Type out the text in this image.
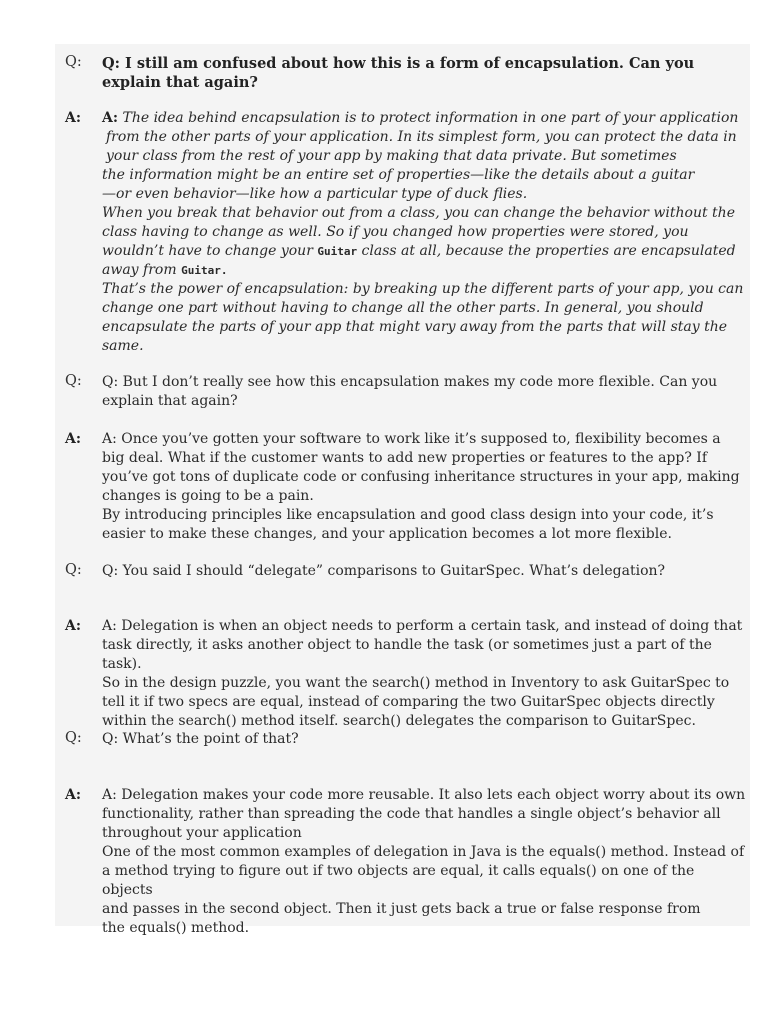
Q: Q: I still am confused about how this is a form of encapsulation. Can you explain that again?
A: A: The idea behind encapsulation is to protect information in one part of your application

from the other parts of your application. In its simplest form, you can protect the data in

your class from the rest of your app by making that data private. But sometimes

the information might be an entire set of properties—like the details about a guitar

—or even behavior—like how a particular type of duck flies.

When you break that behavior out from a class, you can change the behavior without the

class having to change as well. So if you changed how properties were stored, you

wouldn’t have to change your Guitar class at all, because the properties are encapsulated

away from Guitar.

That’s the power of encapsulation: by breaking up the different parts of your app, you can

change one part without having to change all the other parts. In general, you should

encapsulate the parts of your app that might vary away from the parts that will stay the

same.

Q: Q: But I don’t really see how this encapsulation makes my code more flexible. Can you

explain that again?

A: A: Once you’ve gotten your software to work like it’s supposed to, flexibility becomes a

big deal. What if the customer wants to add new properties or features to the app? If

you’ve got tons of duplicate code or confusing inheritance structures in your app, making

changes is going to be a pain.

By introducing principles like encapsulation and good class design into your code, it’s

easier to make these changes, and your application becomes a lot more flexible.

Q: Q: You said I should “delegate” comparisons to GuitarSpec. What’s delegation?
A: A: Delegation is when an object needs to perform a certain task, and instead of doing that

task directly, it asks another object to handle the task (or sometimes just a part of the task).

So in the design puzzle, you want the search() method in Inventory to ask GuitarSpec to

tell it if two specs are equal, instead of comparing the two GuitarSpec objects directly

within the search() method itself. search() delegates the comparison to GuitarSpec.

Q: Q: What’s the point of that?
A: A: Delegation makes your code more reusable. It also lets each object worry about its own

functionality, rather than spreading the code that handles a single object’s behavior all

throughout your application

One of the most common examples of delegation in Java is the equals() method. Instead of

a method trying to figure out if two objects are equal, it calls equals() on one of the objects

and passes in the second object. Then it just gets back a true or false response from

the equals() method.
